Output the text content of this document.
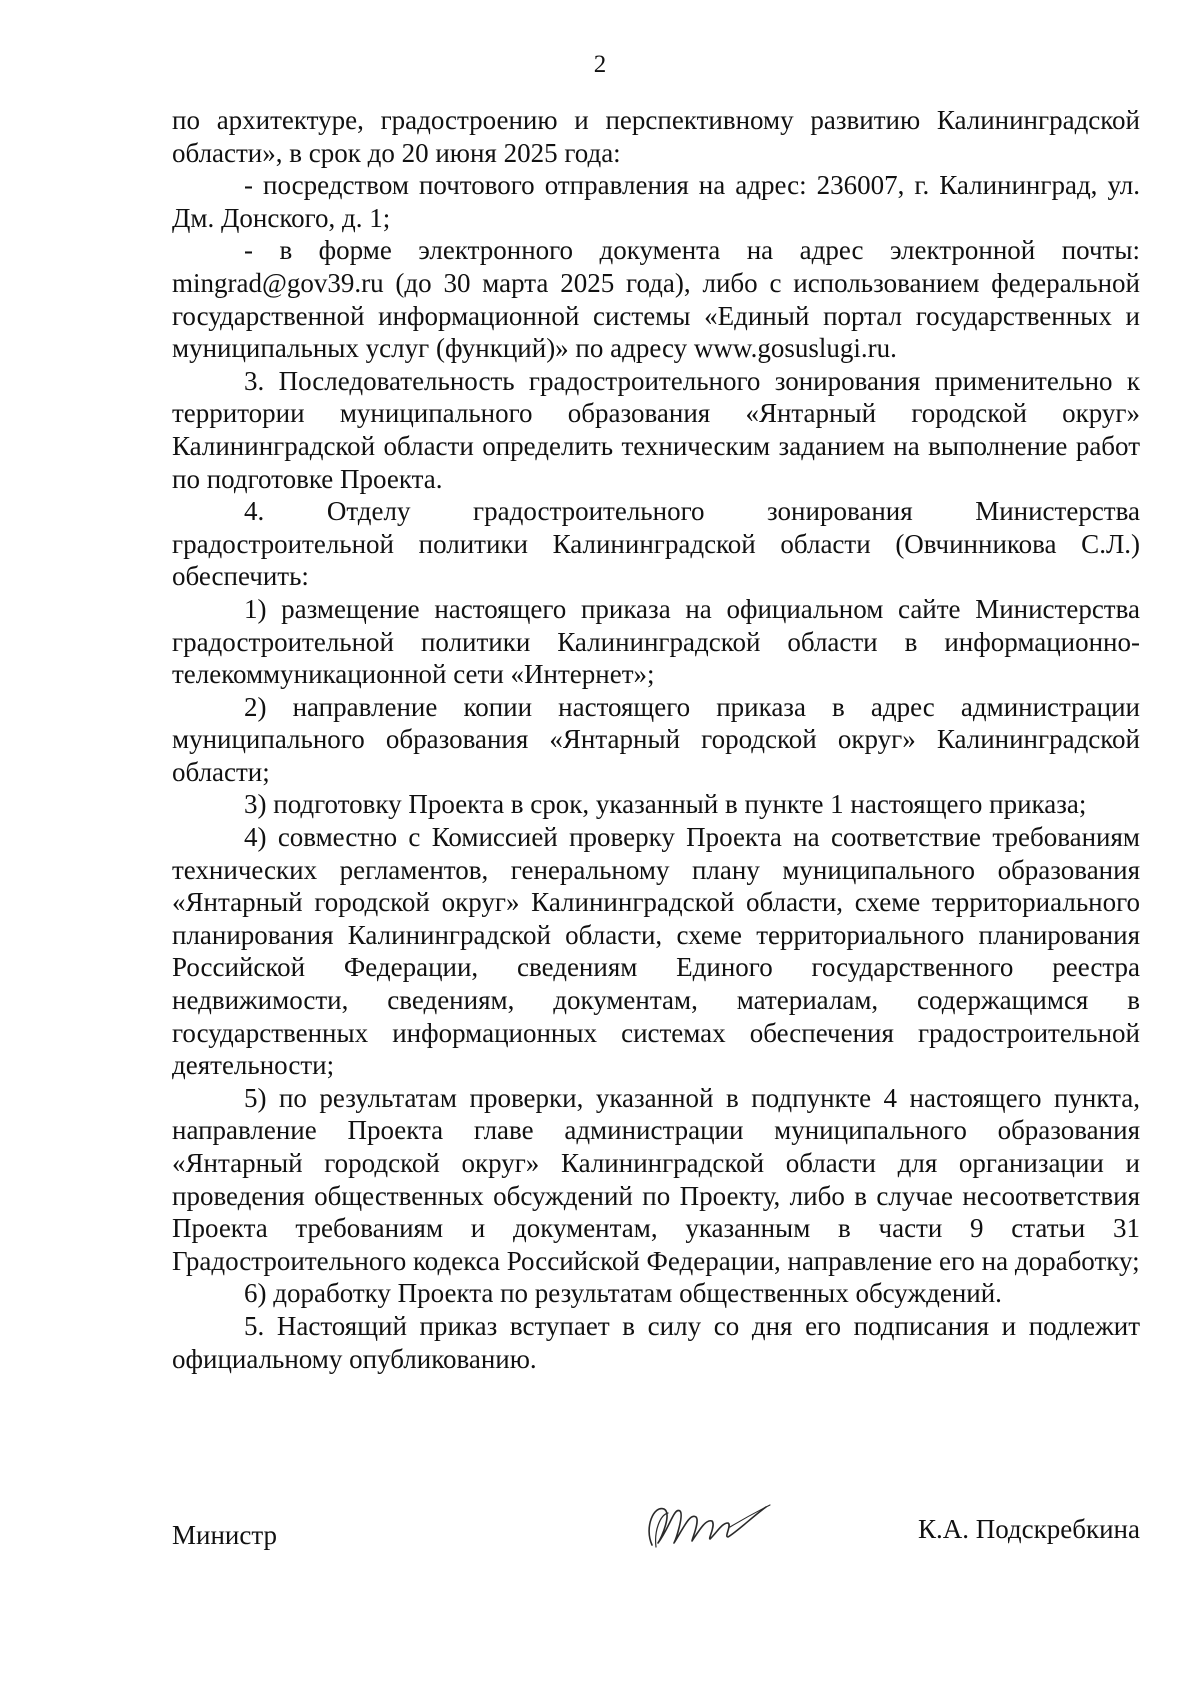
2

по архитектуре, градостроению и перспективному развитию Калининградской области», в срок до 20 июня 2025 года:

- посредством почтового отправления на адрес: 236007, г. Калининград, ул. Дм. Донского, д. 1;

- в форме электронного документа на адрес электронной почты: mingrad@gov39.ru (до 30 марта 2025 года), либо с использованием федеральной государственной информационной системы «Единый портал государственных и муниципальных услуг (функций)» по адресу www.gosuslugi.ru.

3. Последовательность градостроительного зонирования применительно к территории муниципального образования «Янтарный городской округ» Калининградской области определить техническим заданием на выполнение работ по подготовке Проекта.

4. Отделу градостроительного зонирования Министерства градостроительной политики Калининградской области (Овчинникова С.Л.) обеспечить:

1) размещение настоящего приказа на официальном сайте Министерства градостроительной политики Калининградской области в информационно-телекоммуникационной сети «Интернет»;

2) направление копии настоящего приказа в адрес администрации муниципального образования «Янтарный городской округ» Калининградской области;

3) подготовку Проекта в срок, указанный в пункте 1 настоящего приказа;

4) совместно с Комиссией проверку Проекта на соответствие требованиям технических регламентов, генеральному плану муниципального образования «Янтарный городской округ» Калининградской области, схеме территориального планирования Калининградской области, схеме территориального планирования Российской Федерации, сведениям Единого государственного реестра недвижимости, сведениям, документам, материалам, содержащимся в государственных информационных системах обеспечения градостроительной деятельности;

5) по результатам проверки, указанной в подпункте 4 настоящего пункта, направление Проекта главе администрации муниципального образования «Янтарный городской округ» Калининградской области для организации и проведения общественных обсуждений по Проекту, либо в случае несоответствия Проекта требованиям и документам, указанным в части 9 статьи 31 Градостроительного кодекса Российской Федерации, направление его на доработку;

6) доработку Проекта по результатам общественных обсуждений.

5. Настоящий приказ вступает в силу со дня его подписания и подлежит официальному опубликованию.

Министр	К.А. Подскребкина
